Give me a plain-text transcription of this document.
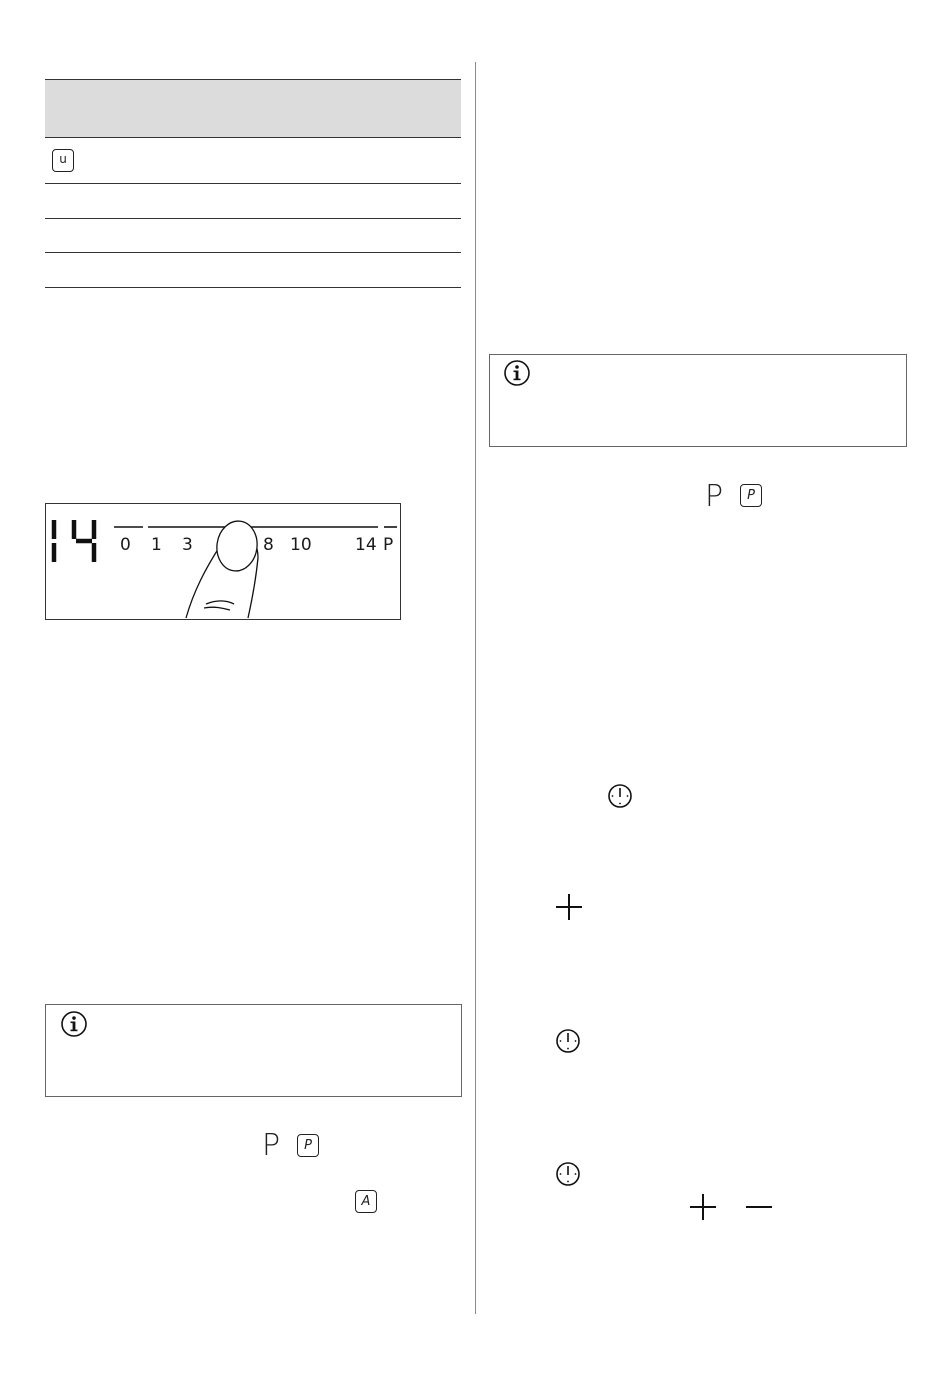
u
14
0 1 3	8 10	14 P
P	P
A
P	P
